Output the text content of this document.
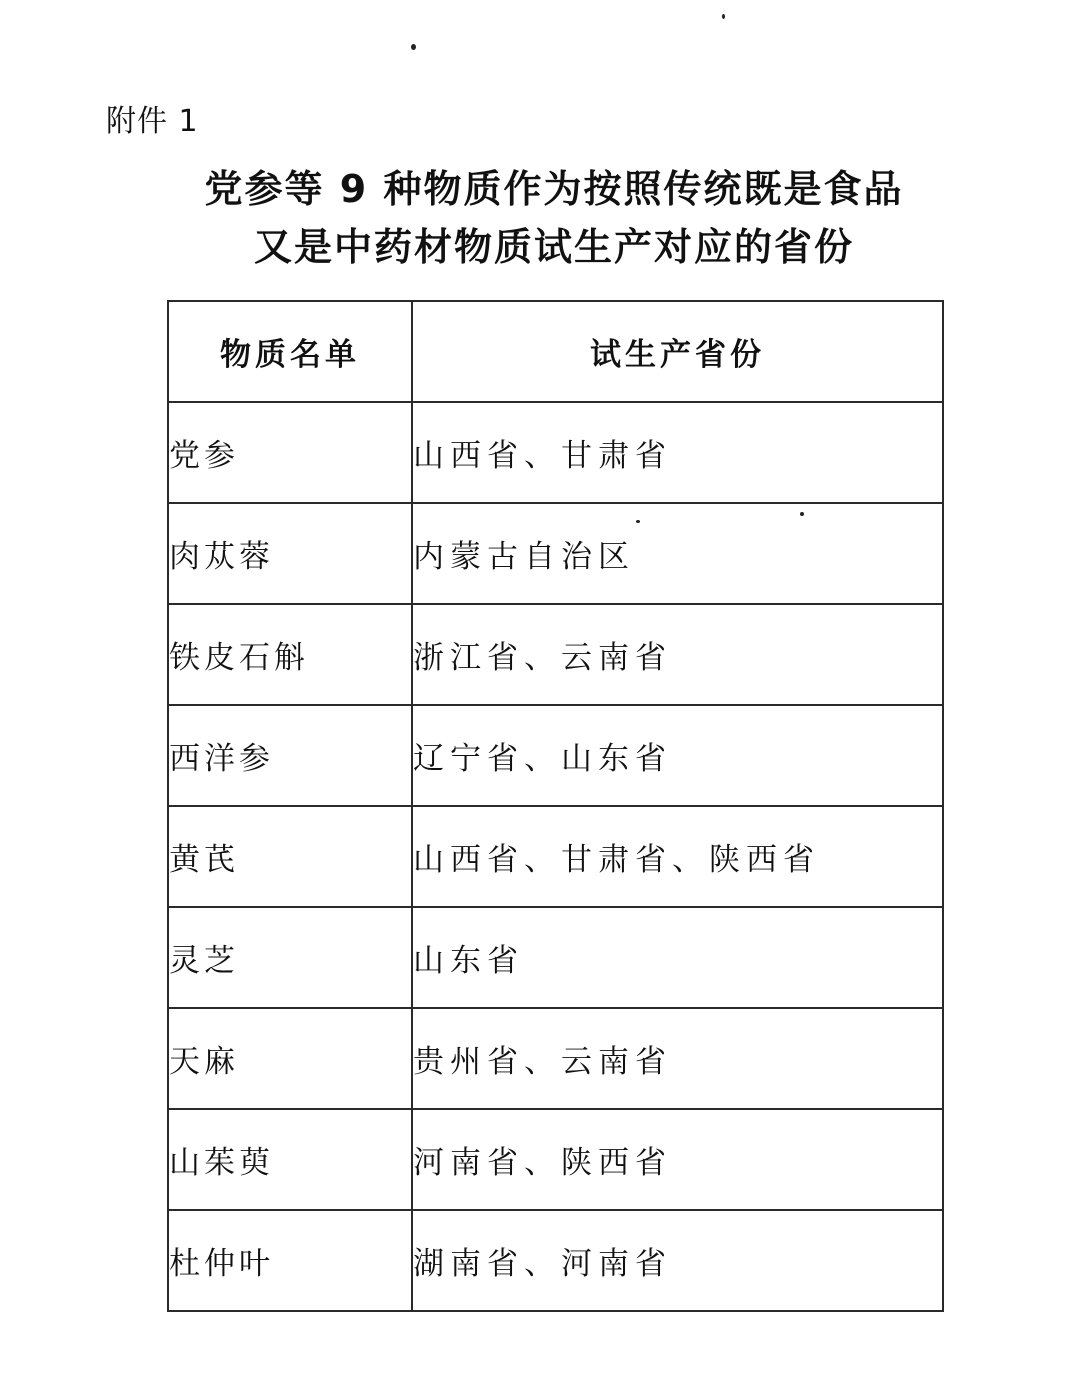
附件 1
党参等 9 种物质作为按照传统既是食品
又是中药材物质试生产对应的省份
物质名单	试生产省份
党参	山西省、甘肃省
肉苁蓉	内蒙古自治区
铁皮石斛	浙江省、云南省
西洋参	辽宁省、山东省
黄芪	山西省、甘肃省、陕西省
灵芝	山东省
天麻	贵州省、云南省
山茱萸	河南省、陕西省
杜仲叶	湖南省、河南省
